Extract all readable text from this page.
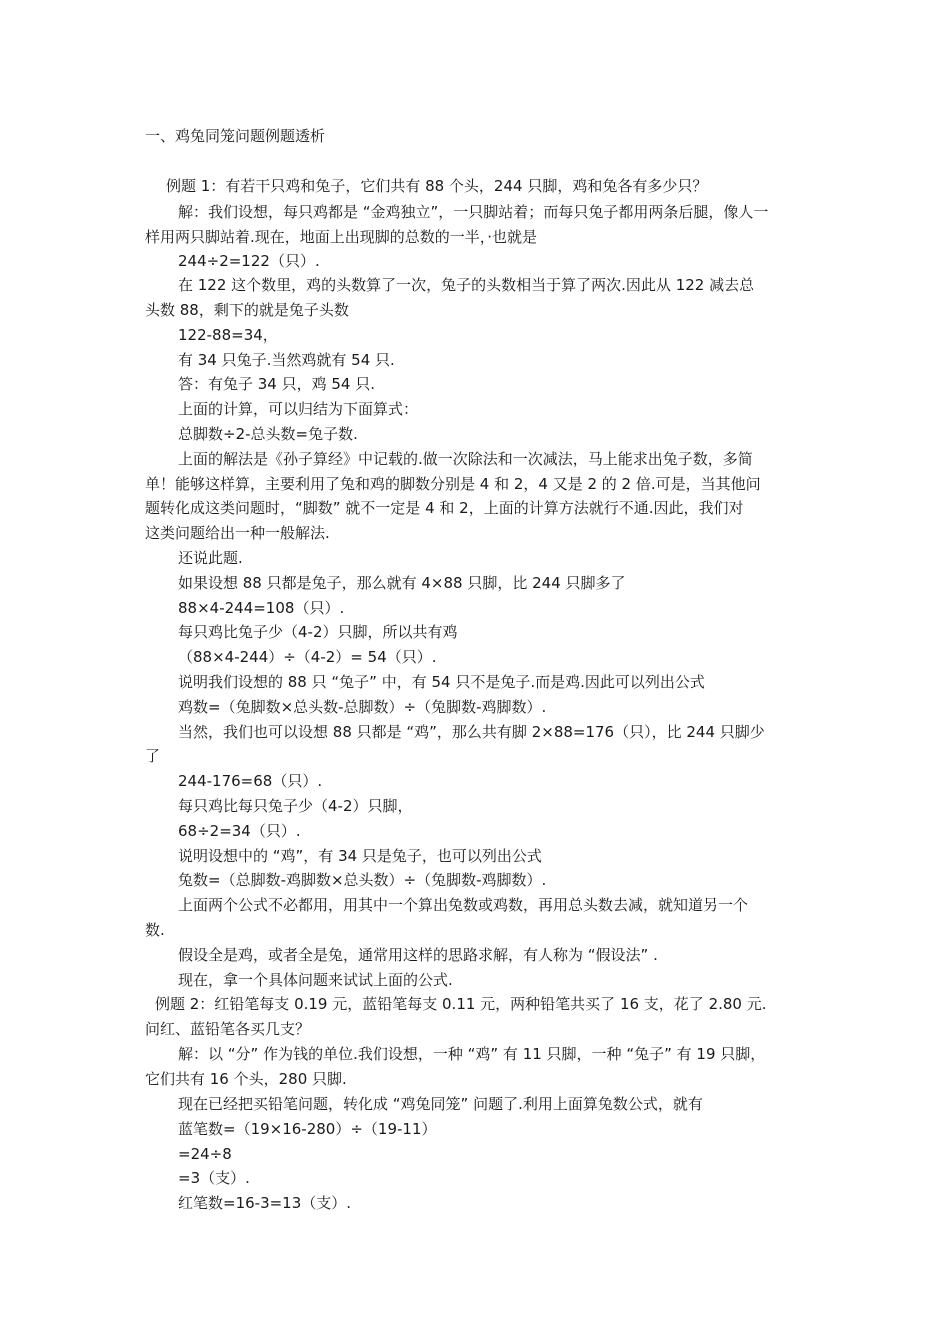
一、鸡兔同笼问题例题透析
例题 1：有若干只鸡和兔子，它们共有 88 个头，244 只脚，鸡和兔各有多少只？
解：我们设想，每只鸡都是 “金鸡独立”，一只脚站着；而每只兔子都用两条后腿，像人一
样用两只脚站着.现在，地面上出现脚的总数的一半，·也就是
244÷2=122（只）.
在 122 这个数里，鸡的头数算了一次，兔子的头数相当于算了两次.因此从 122 减去总
头数 88，剩下的就是兔子头数
122-88=34，
有 34 只兔子.当然鸡就有 54 只.
答：有兔子 34 只，鸡 54 只.
上面的计算，可以归结为下面算式：
总脚数÷2-总头数=兔子数.
上面的解法是《孙子算经》中记载的.做一次除法和一次减法，马上能求出兔子数，多简
单！能够这样算，主要利用了兔和鸡的脚数分别是 4 和 2，4 又是 2 的 2 倍.可是，当其他问
题转化成这类问题时，“脚数” 就不一定是 4 和 2，上面的计算方法就行不通.因此，我们对
这类问题给出一种一般解法.
还说此题.
如果设想 88 只都是兔子，那么就有 4×88 只脚，比 244 只脚多了
88×4-244=108（只）.
每只鸡比兔子少（4-2）只脚，所以共有鸡
（88×4-244）÷（4-2）= 54（只）.
说明我们设想的 88 只 “兔子” 中，有 54 只不是兔子.而是鸡.因此可以列出公式
鸡数=（兔脚数×总头数-总脚数）÷（兔脚数-鸡脚数）.
当然，我们也可以设想 88 只都是 “鸡”，那么共有脚 2×88=176（只），比 244 只脚少
了
244-176=68（只）.
每只鸡比每只兔子少（4-2）只脚，
68÷2=34（只）.
说明设想中的 “鸡”，有 34 只是兔子，也可以列出公式
兔数=（总脚数-鸡脚数×总头数）÷（兔脚数-鸡脚数）.
上面两个公式不必都用，用其中一个算出兔数或鸡数，再用总头数去减，就知道另一个
数.
假设全是鸡，或者全是兔，通常用这样的思路求解，有人称为 “假设法” .
现在，拿一个具体问题来试试上面的公式.
例题 2：红铅笔每支 0.19 元，蓝铅笔每支 0.11 元，两种铅笔共买了 16 支，花了 2.80 元.
问红、蓝铅笔各买几支？
解：以 “分” 作为钱的单位.我们设想，一种 “鸡” 有 11 只脚，一种 “兔子” 有 19 只脚，
它们共有 16 个头，280 只脚.
现在已经把买铅笔问题，转化成 “鸡兔同笼” 问题了.利用上面算兔数公式，就有
蓝笔数=（19×16-280）÷（19-11）
=24÷8
=3（支）.
红笔数=16-3=13（支）.
